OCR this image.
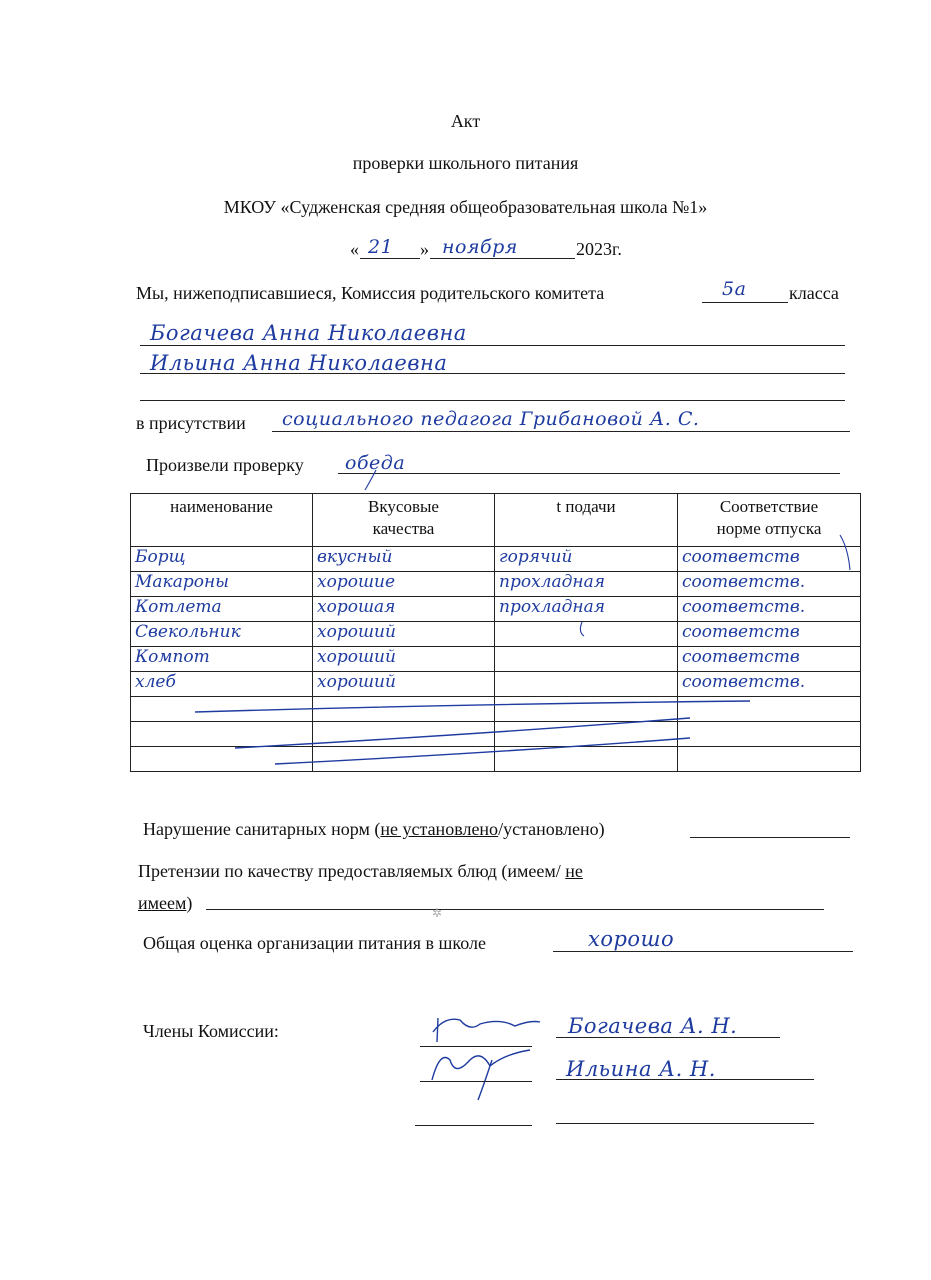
Акт
проверки школьного питания
МКОУ «Судженская средняя общеобразовательная школа №1»
« 21 » ноября	2023г.
Мы, нижеподписавшиеся, Комиссия родительского комитета	5а класса
Богачева Анна Николаевна
Ильина Анна Николаевна
в присутствии социального педагога Грибановой А. С.
Произвели проверку обеда
наименование	Вкусовые качества	t подачи	Соответствие норме отпуска

Борщ	вкусный	горячий	соответств

Макароны	хорошие	прохладная	соответств.

Котлета	хорошая	прохладная	соответств.

Свекольник	хороший		соответств

Компот	хороший		соответств

хлеб	хороший		соответств.

Нарушение санитарных норм (не установлено/установлено)
Претензии по качеству предоставляемых блюд (имеем/ не
имеем)	✲
Общая оценка организации питания в школе	хорошо
Члены Комиссии:	Богачева А. Н.
Ильина А. Н.
